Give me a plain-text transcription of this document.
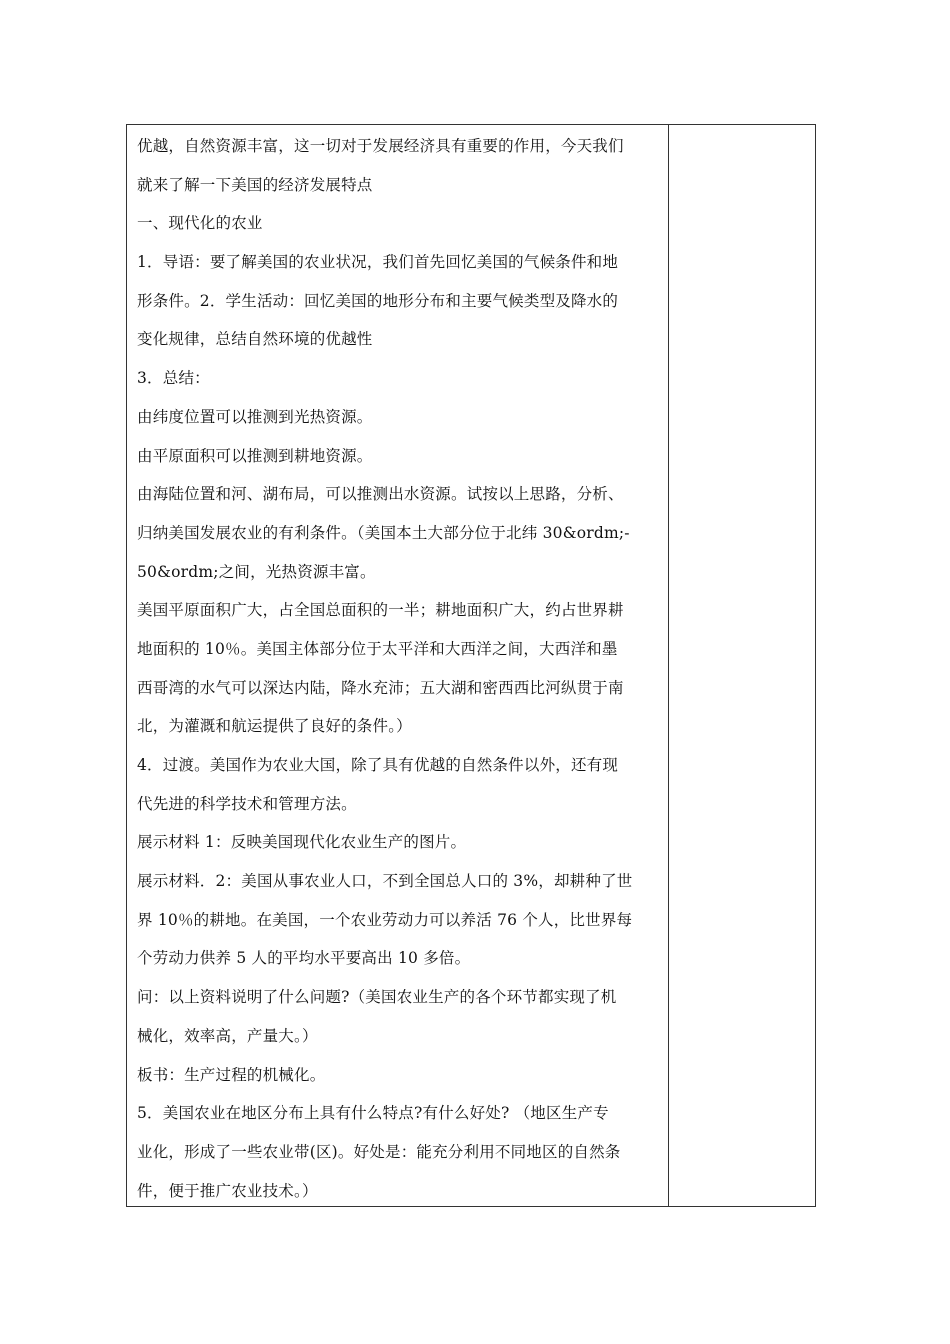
优越，自然资源丰富，这一切对于发展经济具有重要的作用，今天我们
就来了解一下美国的经济发展特点
一、现代化的农业
1．导语：要了解美国的农业状况，我们首先回忆美国的气候条件和地
形条件。2．学生活动：回忆美国的地形分布和主要气候类型及降水的
变化规律，总结自然环境的优越性
3．总结：
由纬度位置可以推测到光热资源。
由平原面积可以推测到耕地资源。
由海陆位置和河、湖布局，可以推测出水资源。试按以上思路，分析、
归纳美国发展农业的有利条件。（美国本土大部分位于北纬 30&ordm;-
50&ordm;之间，光热资源丰富。
美国平原面积广大，占全国总面积的一半；耕地面积广大，约占世界耕
地面积的 10％。美国主体部分位于太平洋和大西洋之间，大西洋和墨
西哥湾的水气可以深达内陆，降水充沛；五大湖和密西西比河纵贯于南
北，为灌溉和航运提供了良好的条件。）
4．过渡。美国作为农业大国，除了具有优越的自然条件以外，还有现
代先进的科学技术和管理方法。
展示材料 1：反映美国现代化农业生产的图片。
展示材料．2：美国从事农业人口，不到全国总人口的 3%，却耕种了世
界 10％的耕地。在美国，一个农业劳动力可以养活 76 个人，比世界每
个劳动力供养 5 人的平均水平要高出 10 多倍。
问：以上资料说明了什么问题?（美国农业生产的各个环节都实现了机
械化，效率高，产量大。）
板书：生产过程的机械化。
5．美国农业在地区分布上具有什么特点?有什么好处? （地区生产专
业化，形成了一些农业带(区)。好处是：能充分利用不同地区的自然条
件，便于推广农业技术。）
